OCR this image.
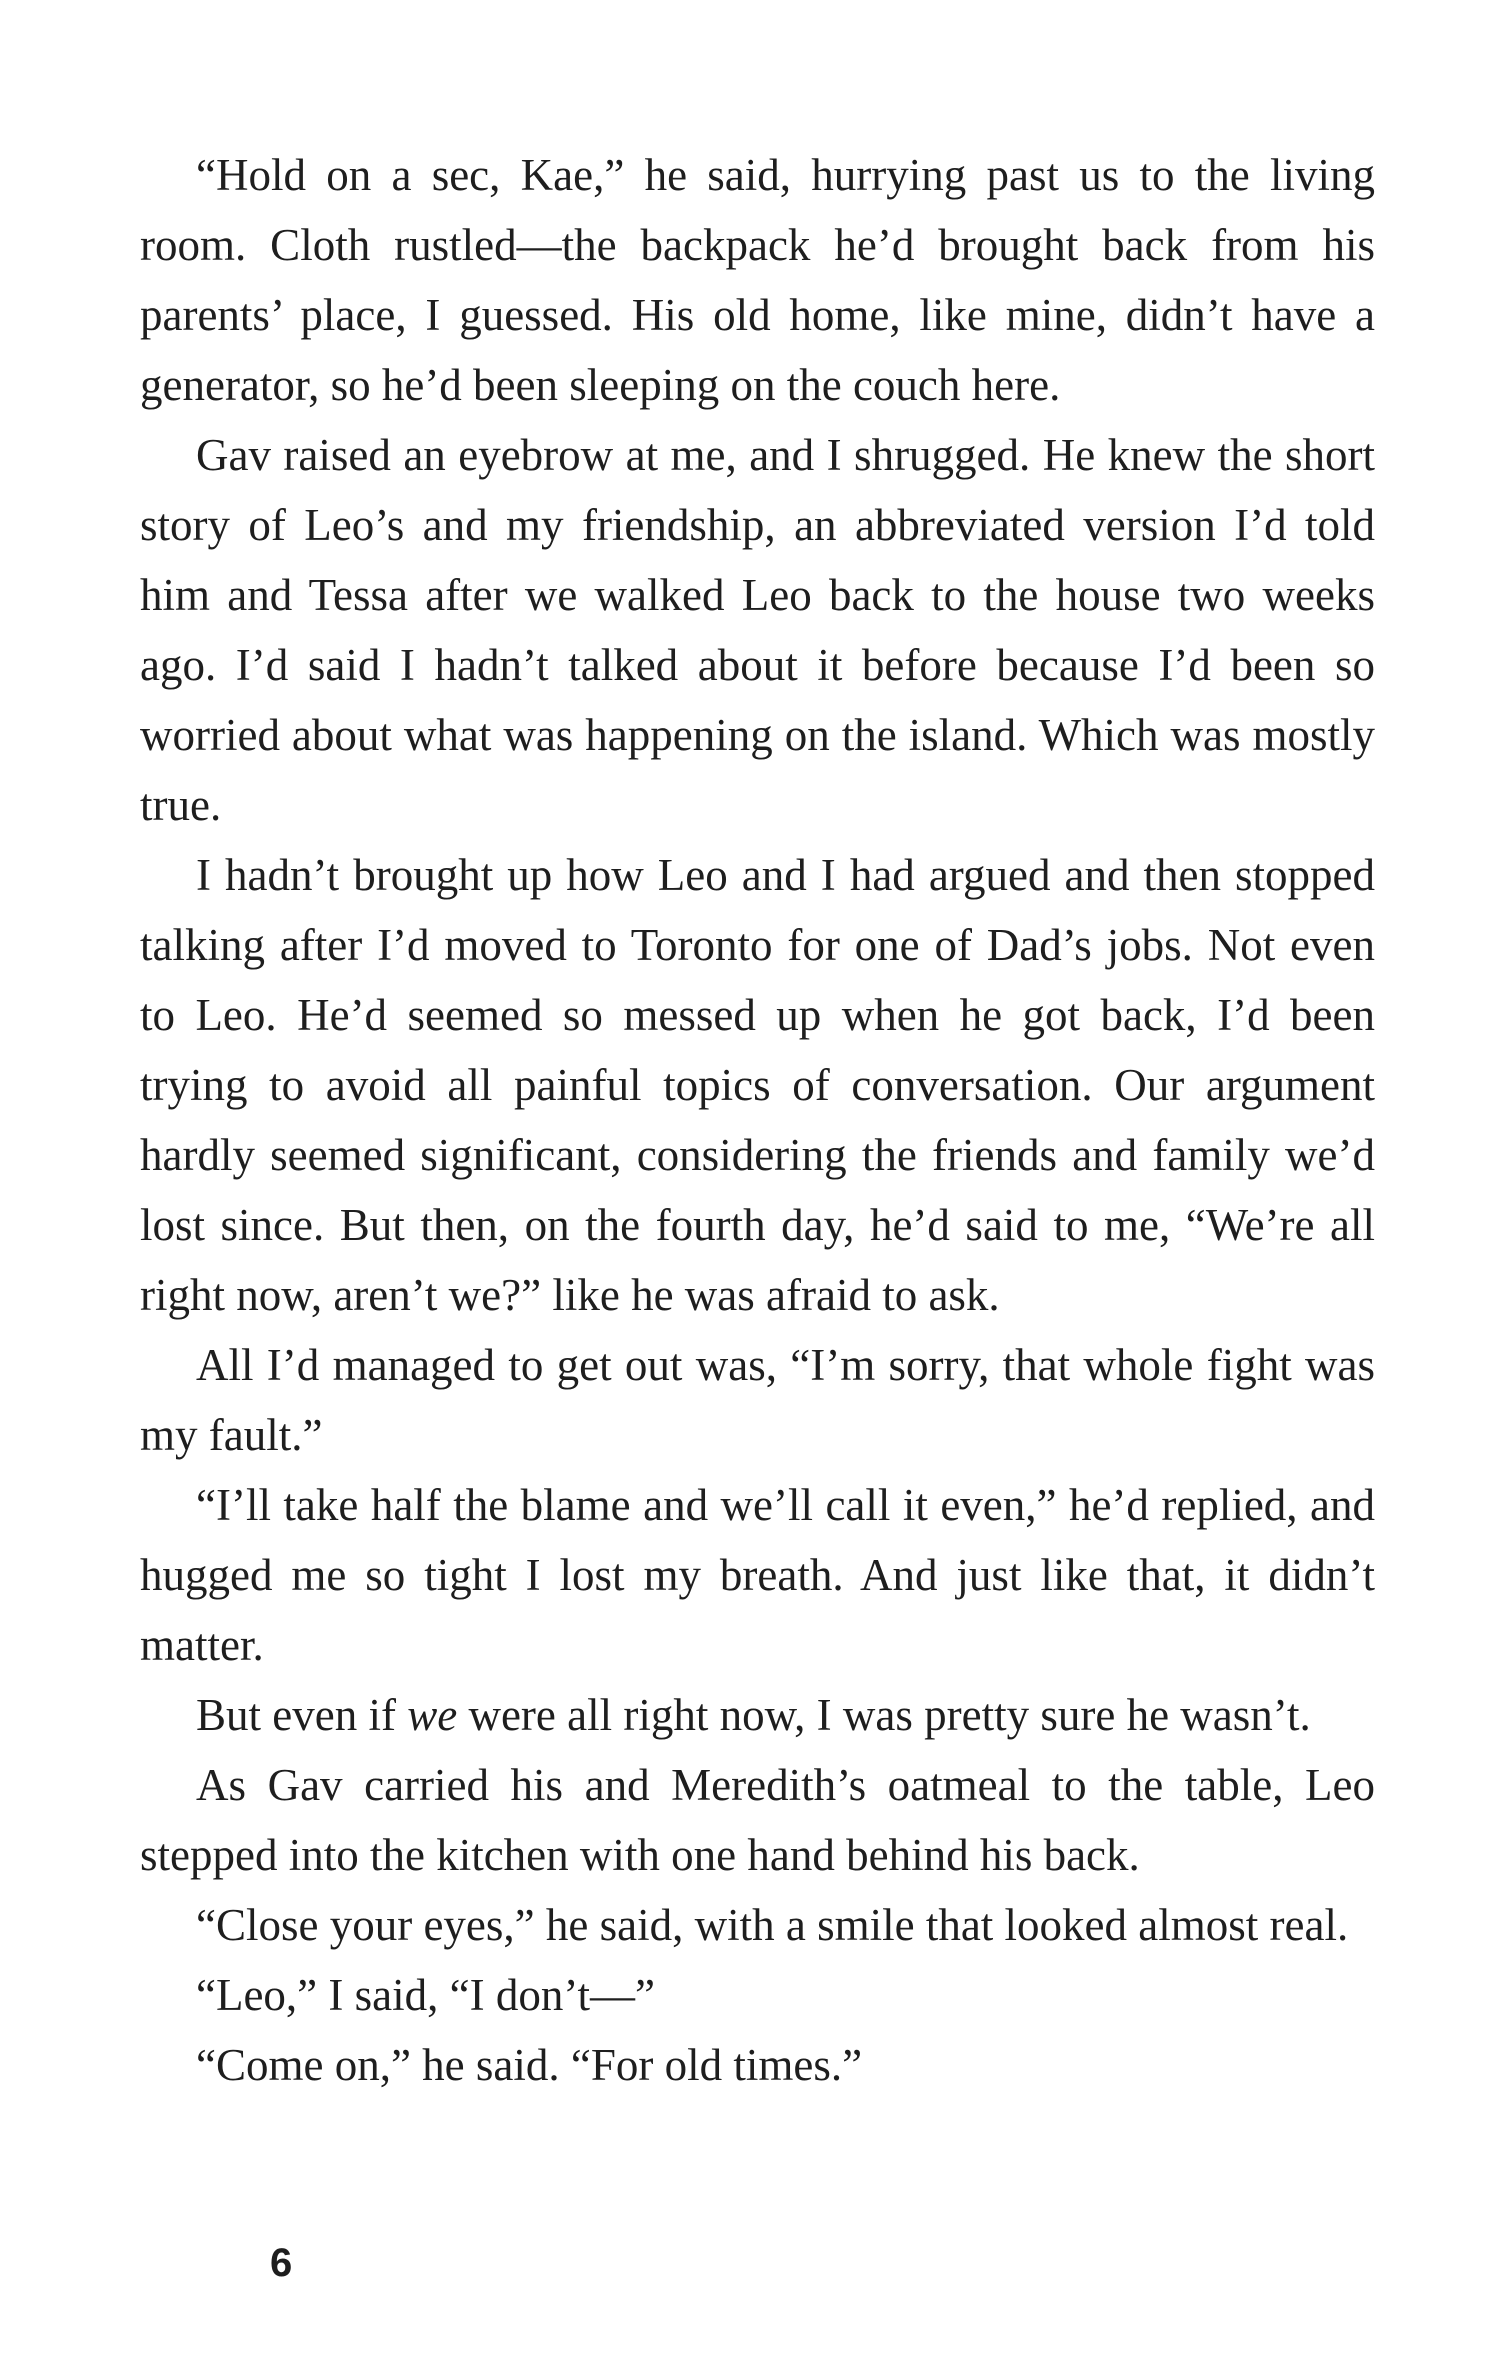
“Hold on a sec, Kae,” he said, hurrying past us to the living room. Cloth rustled—the backpack he’d brought back from his parents’ place, I guessed. His old home, like mine, didn’t have a generator, so he’d been sleeping on the couch here.

Gav raised an eyebrow at me, and I shrugged. He knew the short story of Leo’s and my friendship, an abbreviated version I’d told him and Tessa after we walked Leo back to the house two weeks ago. I’d said I hadn’t talked about it before because I’d been so worried about what was happening on the island. Which was mostly true.

I hadn’t brought up how Leo and I had argued and then stopped talking after I’d moved to Toronto for one of Dad’s jobs. Not even to Leo. He’d seemed so messed up when he got back, I’d been trying to avoid all painful topics of conversation. Our argument hardly seemed significant, considering the friends and family we’d lost since. But then, on the fourth day, he’d said to me, “We’re all right now, aren’t we?” like he was afraid to ask.

All I’d managed to get out was, “I’m sorry, that whole fight was my fault.”

“I’ll take half the blame and we’ll call it even,” he’d replied, and hugged me so tight I lost my breath. And just like that, it didn’t matter.

But even if we were all right now, I was pretty sure he wasn’t.

As Gav carried his and Meredith’s oatmeal to the table, Leo stepped into the kitchen with one hand behind his back.

“Close your eyes,” he said, with a smile that looked almost real.

“Leo,” I said, “I don’t—”

“Come on,” he said. “For old times.”

6
